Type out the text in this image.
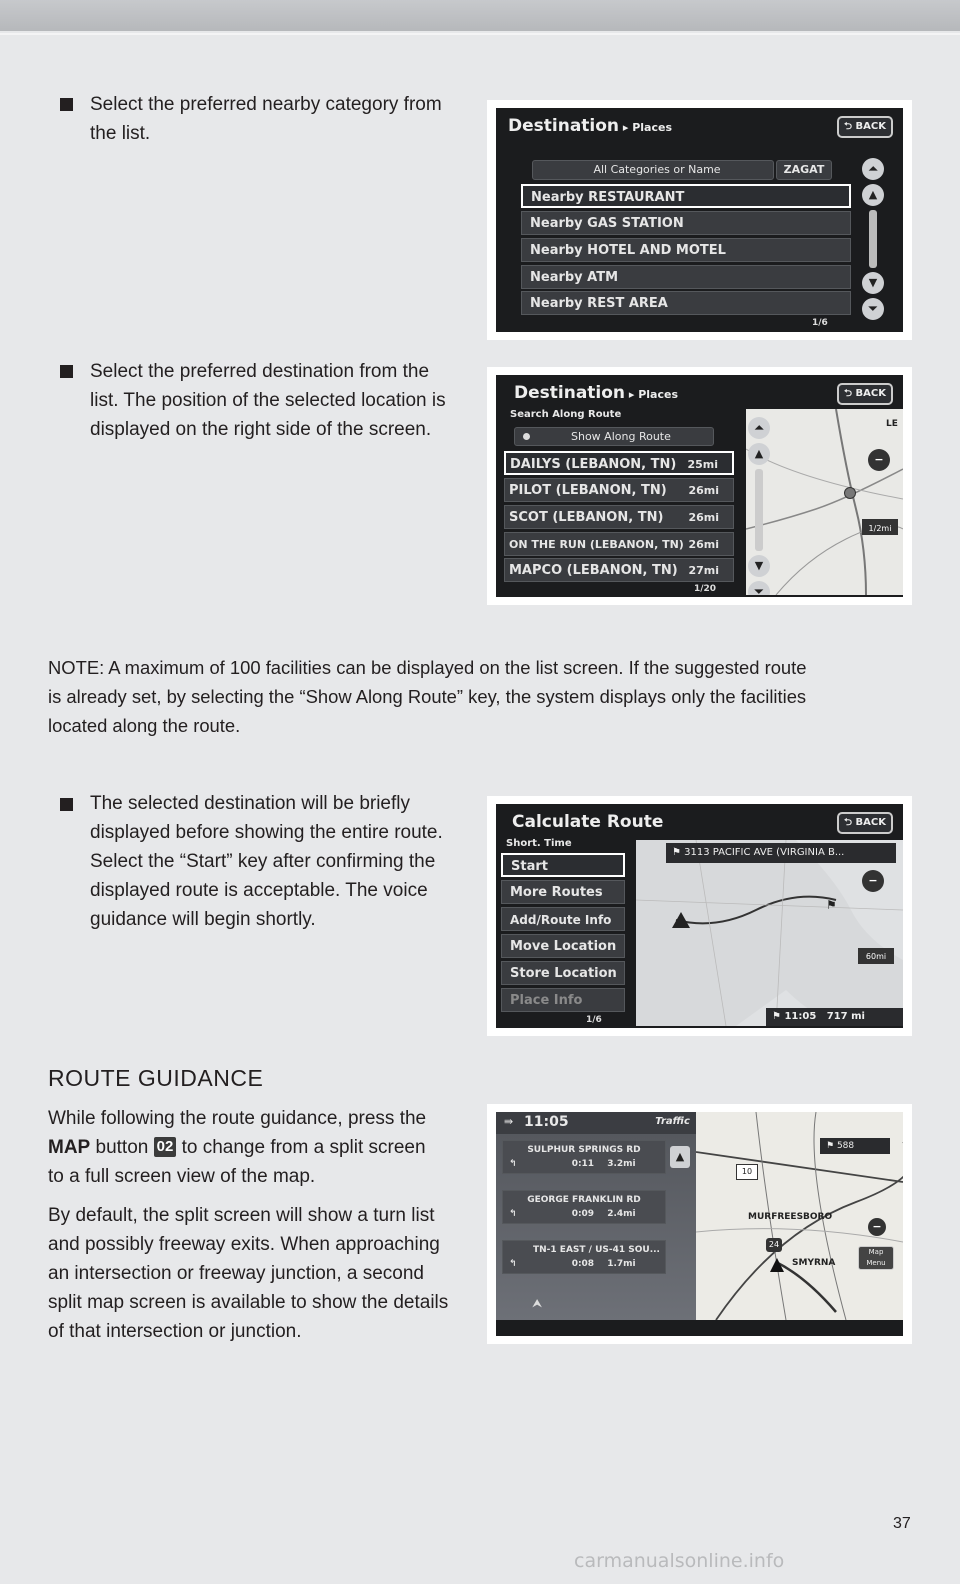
Select the preferred nearby category from
the list.	Destination ▸ Places	⮌ BACK
All Categories or Name	ZAGAT
Nearby RESTAURANT
Nearby GAS STATION
Nearby HOTEL AND MOTEL
Nearby ATM
Nearby REST AREA
⏶
▲
▼
⏷
1/6

Select the preferred destination from the
list. The position of the selected location is
displayed on the right side of the screen.

Destination ▸ Places	⮌ BACK
Search Along Route
Show Along Route
DAILYS (LEBANON, TN) 25mi
PILOT (LEBANON, TN) 26mi
SCOT (LEBANON, TN) 26mi
ON THE RUN (LEBANON, TN) 26mi
MAPCO (LEBANON, TN) 27mi
1/20
⏶
▲
▼
⏷
−
LE
1/2mi

NOTE: A maximum of 100 facilities can be displayed on the list screen. If the suggested route
is already set, by selecting the “Show Along Route” key, the system displays only the facilities
located along the route.

The selected destination will be briefly
displayed before showing the entire route.
Select the “Start” key after confirming the
displayed route is acceptable. The voice
guidance will begin shortly.

Calculate Route	⮌ BACK
Short. Time
Start
More Routes
Add/Route Info
Move Location
Store Location
Place Info
1/6
⚑ 3113 PACIFIC AVE (VIRGINIA B...
−
60mi
⚑
⚑ 11:05 717 mi
ROUTE GUIDANCE

While following the route guidance, press the
MAP button 02 to change from a split screen
to a full screen view of the map.

By default, the split screen will show a turn list
and possibly freeway exits. When approaching
an intersection or freeway junction, a second
split map screen is available to show the details
of that intersection or junction.

⇛ 11:05	Traffic
SULPHUR SPRINGS RD
↰	0:11 3.2mi
GEORGE FRANKLIN RD
↰	0:09 2.4mi
TN-1 EAST / US-41 SOU...
↰	0:08 1.7mi
▲
⮝
⚑ 588
MURFREESBORO
SMYRNA
10
24
Map Menu
−
37
carmanualsonline.info
